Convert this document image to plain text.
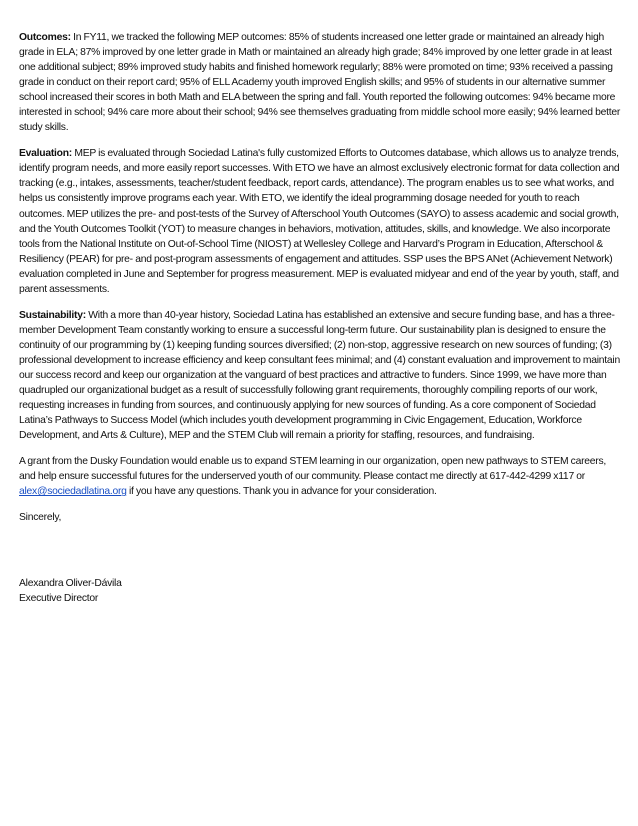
Outcomes: In FY11, we tracked the following MEP outcomes: 85% of students increased one letter grade or maintained an already high grade in ELA; 87% improved by one letter grade in Math or maintained an already high grade; 84% improved by one letter grade in at least one additional subject; 89% improved study habits and finished homework regularly; 88% were promoted on time; 93% received a passing grade in conduct on their report card; 95% of ELL Academy youth improved English skills; and 95% of students in our alternative summer school increased their scores in both Math and ELA between the spring and fall. Youth reported the following outcomes: 94% became more interested in school; 94% care more about their school; 94% see themselves graduating from middle school more easily; 94% learned better study skills.

Evaluation: MEP is evaluated through Sociedad Latina's fully customized Efforts to Outcomes database, which allows us to analyze trends, identify program needs, and more easily report successes. With ETO we have an almost exclusively electronic format for data collection and tracking (e.g., intakes, assessments, teacher/student feedback, report cards, attendance). The program enables us to see what works, and helps us consistently improve programs each year. With ETO, we identify the ideal programming dosage needed for youth to reach outcomes. MEP utilizes the pre- and post-tests of the Survey of Afterschool Youth Outcomes (SAYO) to assess academic and social growth, and the Youth Outcomes Toolkit (YOT) to measure changes in behaviors, motivation, attitudes, skills, and knowledge. We also incorporate tools from the National Institute on Out-of-School Time (NIOST) at Wellesley College and Harvard’s Program in Education, Afterschool & Resiliency (PEAR) for pre- and post-program assessments of engagement and attitudes. SSP uses the BPS ANet (Achievement Network) evaluation completed in June and September for progress measurement. MEP is evaluated midyear and end of the year by youth, staff, and parent assessments.

Sustainability: With a more than 40-year history, Sociedad Latina has established an extensive and secure funding base, and has a three-member Development Team constantly working to ensure a successful long-term future. Our sustainability plan is designed to ensure the continuity of our programming by (1) keeping funding sources diversified; (2) non-stop, aggressive research on new sources of funding; (3) professional development to increase efficiency and keep consultant fees minimal; and (4) constant evaluation and improvement to maintain our success record and keep our organization at the vanguard of best practices and attractive to funders. Since 1999, we have more than quadrupled our organizational budget as a result of successfully following grant requirements, thoroughly compiling reports of our work, requesting increases in funding from sources, and continuously applying for new sources of funding. As a core component of Sociedad Latina’s Pathways to Success Model (which includes youth development programming in Civic Engagement, Education, Workforce Development, and Arts & Culture), MEP and the STEM Club will remain a priority for staffing, resources, and fundraising.

A grant from the Dusky Foundation would enable us to expand STEM learning in our organization, open new pathways to STEM careers, and help ensure successful futures for the underserved youth of our community. Please contact me directly at 617-442-4299 x117 or alex@sociedadlatina.org if you have any questions. Thank you in advance for your consideration.

Sincerely,

Alexandra Oliver-Dávila

Executive Director
